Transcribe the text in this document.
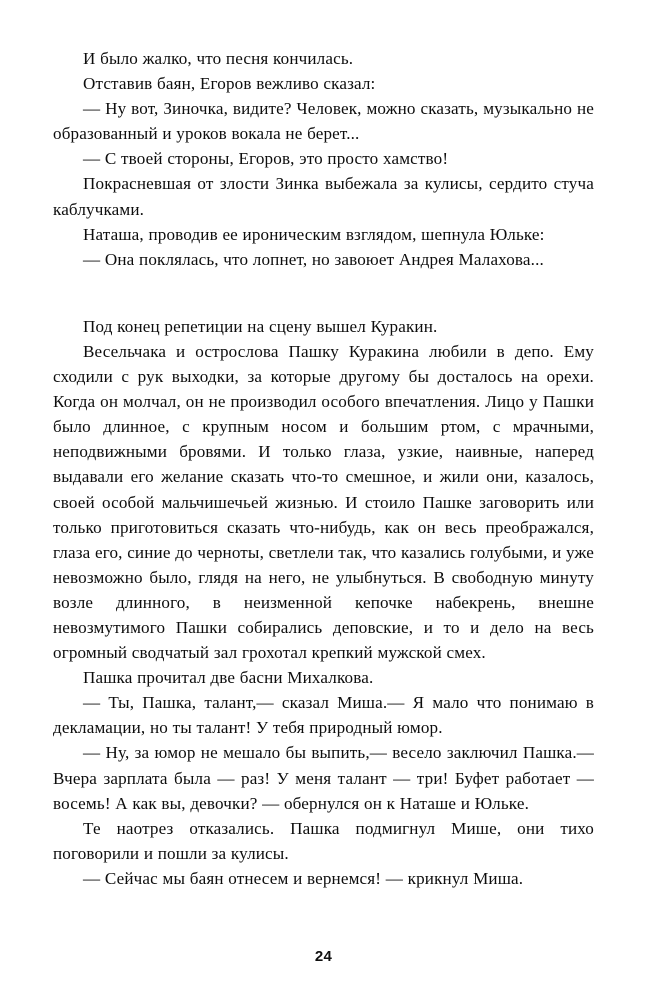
И было жалко, что песня кончилась.

Отставив баян, Егоров вежливо сказал:

— Ну вот, Зиночка, видите? Человек, можно сказать, музыкально не образованный и уроков вокала не берет...

— С твоей стороны, Егоров, это просто хамство!

Покрасневшая от злости Зинка выбежала за кулисы, сердито стуча каблучками.

Наташа, проводив ее ироническим взглядом, шепнула Юльке:

— Она поклялась, что лопнет, но завоюет Андрея Малахова...

Под конец репетиции на сцену вышел Куракин.

Весельчака и острослова Пашку Куракина любили в депо. Ему сходили с рук выходки, за которые другому бы досталось на орехи. Когда он молчал, он не производил особого впечатления. Лицо у Пашки было длинное, с крупным носом и большим ртом, с мрачными, неподвижными бровями. И только глаза, узкие, наивные, наперед выдавали его желание сказать что-то смешное, и жили они, казалось, своей особой мальчишечьей жизнью. И стоило Пашке заговорить или только приготовиться сказать что-нибудь, как он весь преображался, глаза его, синие до черноты, светлели так, что казались голубыми, и уже невозможно было, глядя на него, не улыбнуться. В свободную минуту возле длинного, в неизменной кепочке набекрень, внешне невозмутимого Пашки собирались деповские, и то и дело на весь огромный сводчатый зал грохотал крепкий мужской смех.

Пашка прочитал две басни Михалкова.

— Ты, Пашка, талант,— сказал Миша.— Я мало что понимаю в декламации, но ты талант! У тебя природный юмор.

— Ну, за юмор не мешало бы выпить,— весело заключил Пашка.— Вчера зарплата была — раз! У меня талант — три! Буфет работает — восемь! А как вы, девочки? — обернулся он к Наташе и Юльке.

Те наотрез отказались. Пашка подмигнул Мише, они тихо поговорили и пошли за кулисы.

— Сейчас мы баян отнесем и вернемся! — крикнул Миша.

24
